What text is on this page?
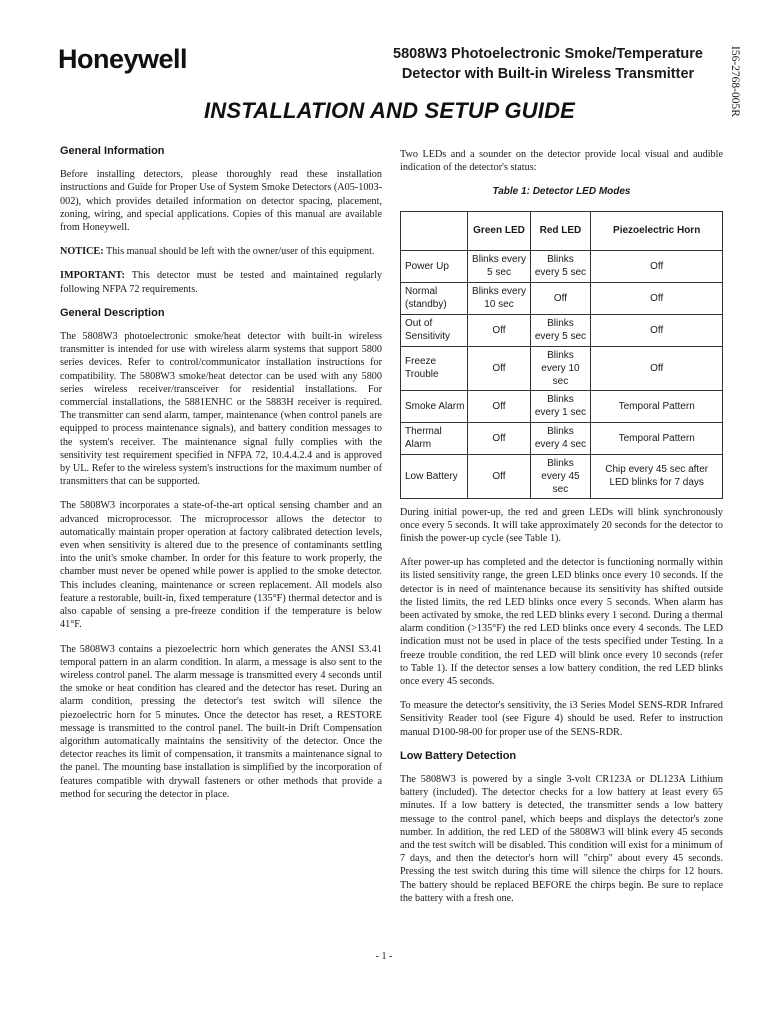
Honeywell	5808W3 Photoelectronic Smoke/Temperature
Detector with Built-in Wireless Transmitter	I56-2768-005R
INSTALLATION AND SETUP GUIDE
General Information

Before installing detectors, please thoroughly read these installation instructions and Guide for Proper Use of System Smoke Detectors (A05-1003-002), which provides detailed information on detector spacing, placement, zoning, wiring, and special applications. Copies of this manual are available from Honeywell.

NOTICE: This manual should be left with the owner/user of this equipment.

IMPORTANT: This detector must be tested and maintained regularly following NFPA 72 requirements.

General Description

The 5808W3 photoelectronic smoke/heat detector with built-in wireless transmitter is intended for use with wireless alarm systems that support 5800 series devices. Refer to control/communicator installation instructions for compatibility. The 5808W3 smoke/heat detector can be used with any 5800 series wireless receiver/transceiver for residential installations. For commercial installations, the 5881ENHC or the 5883H receiver is required. The transmitter can send alarm, tamper, maintenance (when control panels are equipped to process maintenance signals), and battery condition messages to the system's receiver. The maintenance signal fully complies with the sensitivity test requirement specified in NFPA 72, 10.4.4.2.4 and is approved by UL. Refer to the wireless system's instructions for the maximum number of transmitters that can be supported.

The 5808W3 incorporates a state-of-the-art optical sensing chamber and an advanced microprocessor. The microprocessor allows the detector to automatically maintain proper operation at factory calibrated detection levels, even when sensitivity is altered due to the presence of contaminants settling into the unit's smoke chamber. In order for this feature to work properly, the chamber must never be opened while power is applied to the smoke detector. This includes cleaning, maintenance or screen replacement. All models also feature a restorable, built-in, fixed temperature (135°F) thermal detector and is also capable of sensing a pre-freeze condition if the temperature is below 41°F.

The 5808W3 contains a piezoelectric horn which generates the ANSI S3.41 temporal pattern in an alarm condition. In alarm, a message is also sent to the wireless control panel. The alarm message is transmitted every 4 seconds until the smoke or heat condition has cleared and the detector has reset. During an alarm condition, pressing the detector's test switch will silence the piezoelectric horn for 5 minutes. Once the detector has reset, a RESTORE message is transmitted to the control panel. The built-in Drift Compensation algorithm automatically maintains the sensitivity of the detector. Once the detector reaches its limit of compensation, it transmits a maintenance signal to the panel. The mounting base installation is simplified by the incorporation of features compatible with drywall fasteners or other methods that provide a method for securing the detector in place.

Two LEDs and a sounder on the detector provide local visual and audible indication of the detector's status:

Table 1: Detector LED Modes
	Green LED	Red LED	Piezoelectric Horn
Power Up	Blinks every 5 sec	Blinks every 5 sec	Off
Normal (standby)	Blinks every 10 sec	Off	Off
Out of Sensitivity	Off	Blinks every 5 sec	Off
Freeze Trouble	Off	Blinks every 10 sec	Off
Smoke Alarm	Off	Blinks every 1 sec	Temporal Pattern
Thermal Alarm	Off	Blinks every 4 sec	Temporal Pattern
Low Battery	Off	Blinks every 45 sec	Chip every 45 sec after LED blinks for 7 days

During initial power-up, the red and green LEDs will blink synchronously once every 5 seconds. It will take approximately 20 seconds for the detector to finish the power-up cycle (see Table 1).

After power-up has completed and the detector is functioning normally within its listed sensitivity range, the green LED blinks once every 10 seconds. If the detector is in need of maintenance because its sensitivity has shifted outside the listed limits, the red LED blinks once every 5 seconds. When alarm has been activated by smoke, the red LED blinks every 1 second. During a thermal alarm condition (>135°F) the red LED blinks once every 4 seconds. The LED indication must not be used in place of the tests specified under Testing. In a freeze trouble condition, the red LED will blink once every 10 seconds (refer to Table 1). If the detector senses a low battery condition, the red LED blinks once every 45 seconds.

To measure the detector's sensitivity, the i3 Series Model SENS-RDR Infrared Sensitivity Reader tool (see Figure 4) should be used. Refer to instruction manual D100-98-00 for proper use of the SENS-RDR.

Low Battery Detection

The 5808W3 is powered by a single 3-volt CR123A or DL123A Lithium battery (included). The detector checks for a low battery at least every 65 minutes. If a low battery is detected, the transmitter sends a low battery message to the control panel, which beeps and displays the detector's zone number. In addition, the red LED of the 5808W3 will blink every 45 seconds and the test switch will be disabled. This condition will exist for a minimum of 7 days, and then the detector's horn will "chirp" about every 45 seconds. Pressing the test switch during this time will silence the chirps for 12 hours. The battery should be replaced BEFORE the chirps begin. Be sure to replace the battery with a fresh one.

- 1 -
